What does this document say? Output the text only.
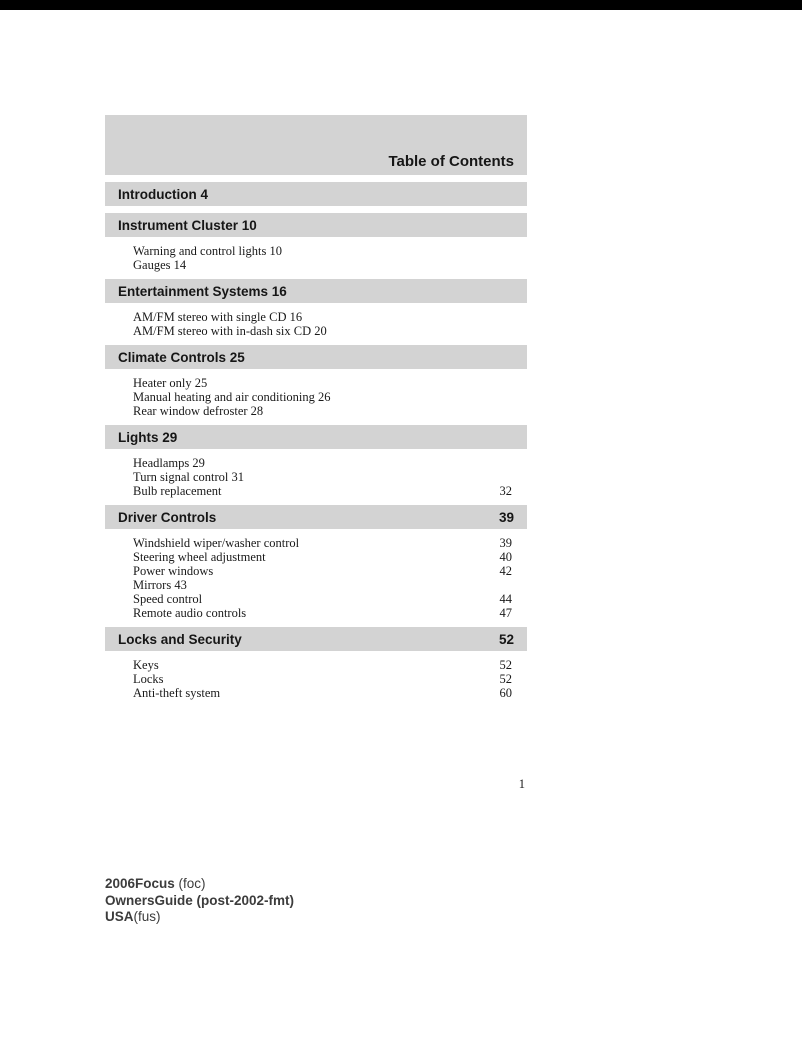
Table of Contents
Introduction 4
Instrument Cluster 10
Warning and control lights 10
Gauges 14
Entertainment Systems 16
AM/FM stereo with single CD 16
AM/FM stereo with in-dash six CD 20
Climate Controls 25
Heater only 25
Manual heating and air conditioning 26
Rear window defroster 28
Lights 29
Headlamps 29
Turn signal control 31
Bulb replacement	32
Driver Controls	39
Windshield wiper/washer control	39
Steering wheel adjustment	40
Power windows	42
Mirrors 43
Speed control	44
Remote audio controls	47
Locks and Security	52
Keys	52
Locks	52
Anti-theft system	60
1
2006Focus (foc)
OwnersGuide (post-2002-fmt)
USA(fus)
